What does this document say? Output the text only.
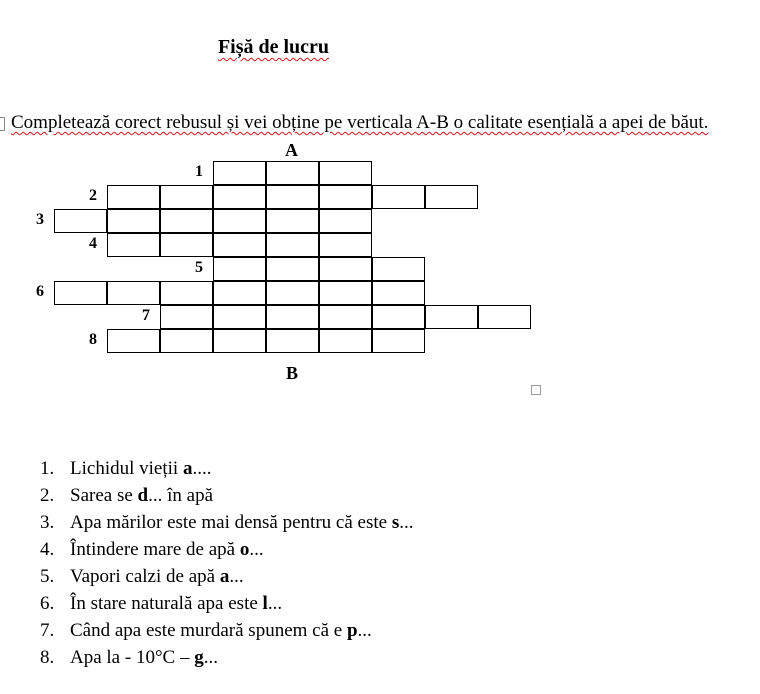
Fișă de lucru
Completează corect rebusul și vei obține pe verticala A-B o calitate esențială a apei de băut.
A
B
1
2
3
4
5
6
7
8
1. Lichidul vieții a....
2. Sarea se d... în apă
3. Apa mărilor este mai densă pentru că este s...
4. Întindere mare de apă o...
5. Vapori calzi de apă a...
6. În stare naturală apa este l...
7. Când apa este murdară spunem că e p...
8. Apa la - 10°C – g...
